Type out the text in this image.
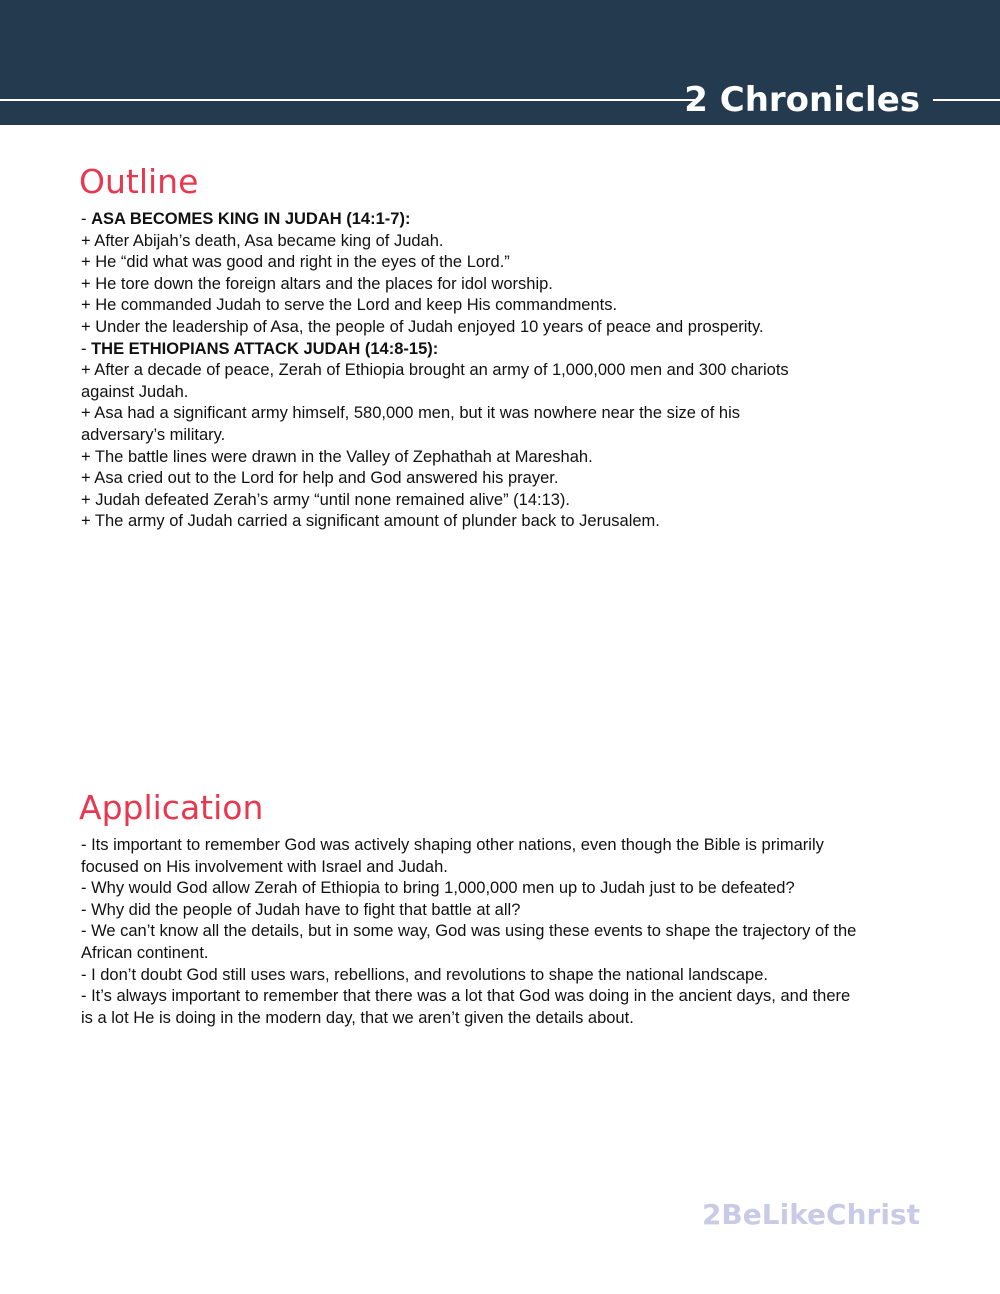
2 Chronicles
Outline
- ASA BECOMES KING IN JUDAH (14:1-7):
+ After Abijah’s death, Asa became king of Judah.
+ He “did what was good and right in the eyes of the Lord.”
+ He tore down the foreign altars and the places for idol worship.
+ He commanded Judah to serve the Lord and keep His commandments.
+ Under the leadership of Asa, the people of Judah enjoyed 10 years of peace and prosperity.
- THE ETHIOPIANS ATTACK JUDAH (14:8-15):
+ After a decade of peace, Zerah of Ethiopia brought an army of 1,000,000 men and 300 chariots
against Judah.
+ Asa had a significant army himself, 580,000 men, but it was nowhere near the size of his
adversary’s military.
+ The battle lines were drawn in the Valley of Zephathah at Mareshah.
+ Asa cried out to the Lord for help and God answered his prayer.
+ Judah defeated Zerah’s army “until none remained alive” (14:13).
+ The army of Judah carried a significant amount of plunder back to Jerusalem.
Application
- Its important to remember God was actively shaping other nations, even though the Bible is primarily
focused on His involvement with Israel and Judah.
- Why would God allow Zerah of Ethiopia to bring 1,000,000 men up to Judah just to be defeated?
- Why did the people of Judah have to fight that battle at all?
- We can’t know all the details, but in some way, God was using these events to shape the trajectory of the
African continent.
- I don’t doubt God still uses wars, rebellions, and revolutions to shape the national landscape.
- It’s always important to remember that there was a lot that God was doing in the ancient days, and there
is a lot He is doing in the modern day, that we aren’t given the details about.
2BeLikeChrist
